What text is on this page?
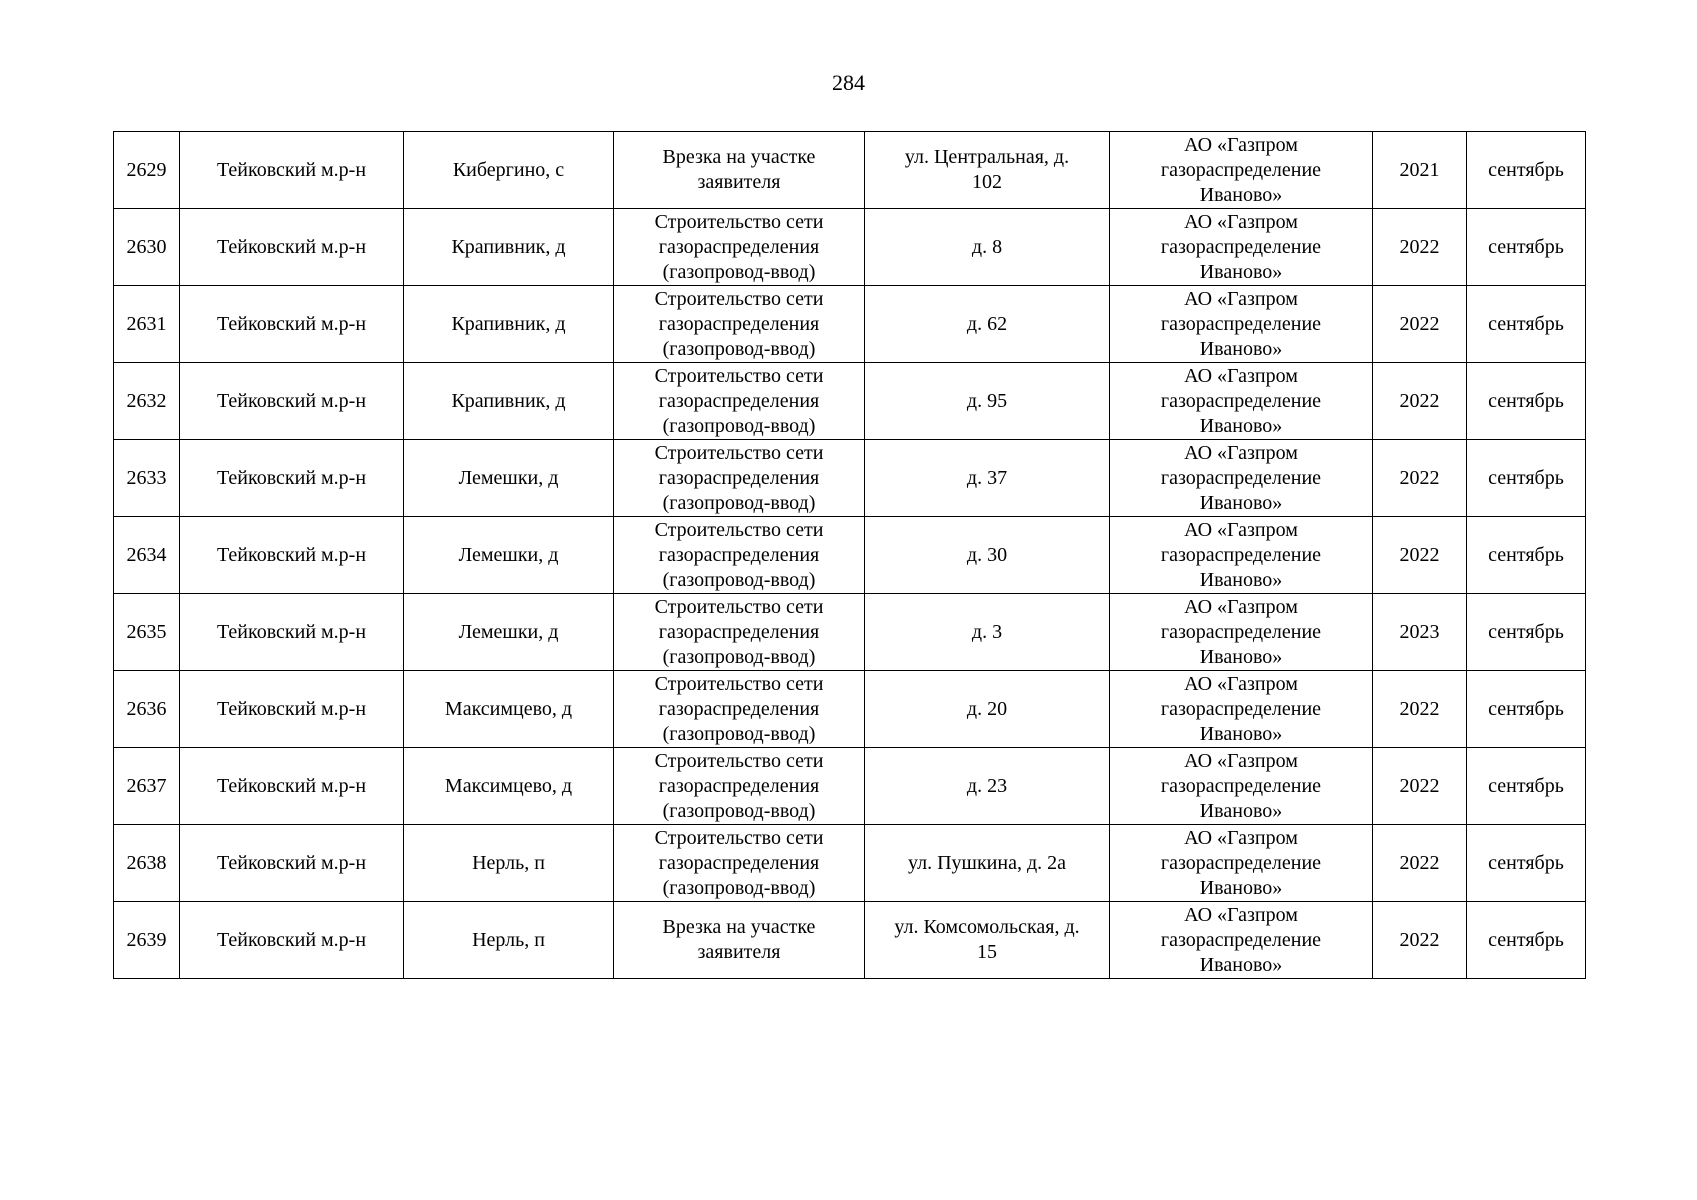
284
2629	Тейковский м.р-н	Кибергино, с	Врезка на участке
заявителя	ул. Центральная, д.
102	АО «Газпром
газораспределение
Иваново»	2021	сентябрь
2630	Тейковский м.р-н	Крапивник, д	Строительство сети
газораспределения
(газопровод-ввод)	д. 8	АО «Газпром
газораспределение
Иваново»	2022	сентябрь
2631	Тейковский м.р-н	Крапивник, д	Строительство сети
газораспределения
(газопровод-ввод)	д. 62	АО «Газпром
газораспределение
Иваново»	2022	сентябрь
2632	Тейковский м.р-н	Крапивник, д	Строительство сети
газораспределения
(газопровод-ввод)	д. 95	АО «Газпром
газораспределение
Иваново»	2022	сентябрь
2633	Тейковский м.р-н	Лемешки, д	Строительство сети
газораспределения
(газопровод-ввод)	д. 37	АО «Газпром
газораспределение
Иваново»	2022	сентябрь
2634	Тейковский м.р-н	Лемешки, д	Строительство сети
газораспределения
(газопровод-ввод)	д. 30	АО «Газпром
газораспределение
Иваново»	2022	сентябрь
2635	Тейковский м.р-н	Лемешки, д	Строительство сети
газораспределения
(газопровод-ввод)	д. 3	АО «Газпром
газораспределение
Иваново»	2023	сентябрь
2636	Тейковский м.р-н	Максимцево, д	Строительство сети
газораспределения
(газопровод-ввод)	д. 20	АО «Газпром
газораспределение
Иваново»	2022	сентябрь
2637	Тейковский м.р-н	Максимцево, д	Строительство сети
газораспределения
(газопровод-ввод)	д. 23	АО «Газпром
газораспределение
Иваново»	2022	сентябрь
2638	Тейковский м.р-н	Нерль, п	Строительство сети
газораспределения
(газопровод-ввод)	ул. Пушкина, д. 2а	АО «Газпром
газораспределение
Иваново»	2022	сентябрь
2639	Тейковский м.р-н	Нерль, п	Врезка на участке
заявителя	ул. Комсомольская, д.
15	АО «Газпром
газораспределение
Иваново»	2022	сентябрь
